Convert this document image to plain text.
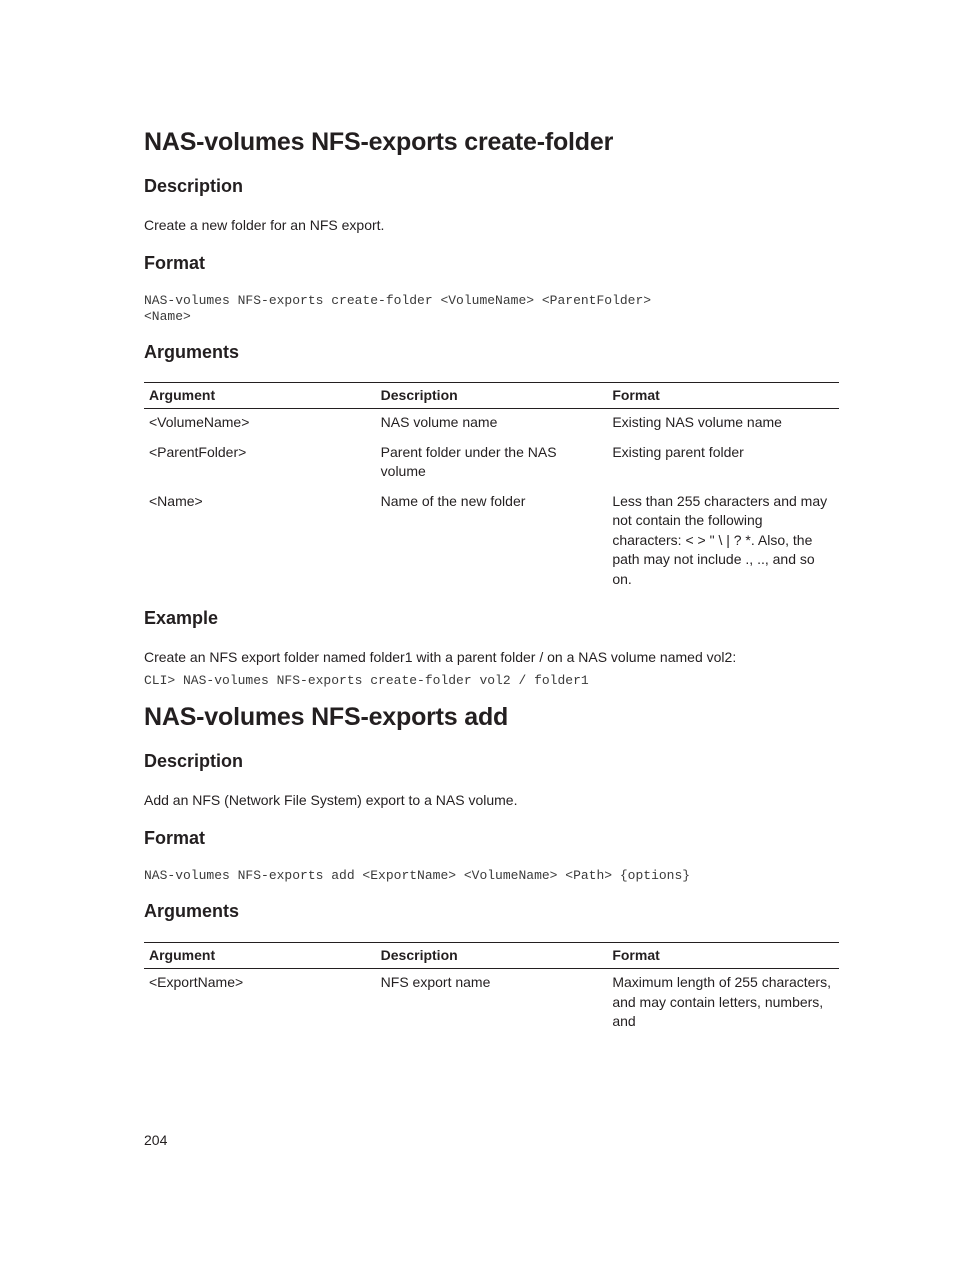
NAS-volumes NFS-exports create-folder
Description
Create a new folder for an NFS export.
Format
NAS-volumes NFS-exports create-folder <VolumeName> <ParentFolder>
<Name>
Arguments
Argument	Description	Format
<VolumeName>	NAS volume name	Existing NAS volume name
<ParentFolder>	Parent folder under the NAS volume	Existing parent folder
<Name>	Name of the new folder	Less than 255 characters and may not contain the following characters: < > " \ | ? *. Also, the path may not include ., .., and so on.
Example
Create an NFS export folder named folder1 with a parent folder / on a NAS volume named vol2:
CLI> NAS-volumes NFS-exports create-folder vol2 / folder1
NAS-volumes NFS-exports add
Description
Add an NFS (Network File System) export to a NAS volume.
Format
NAS-volumes NFS-exports add <ExportName> <VolumeName> <Path> {options}
Arguments
Argument	Description	Format
<ExportName>	NFS export name	Maximum length of 255 characters, and may contain letters, numbers, and
204
